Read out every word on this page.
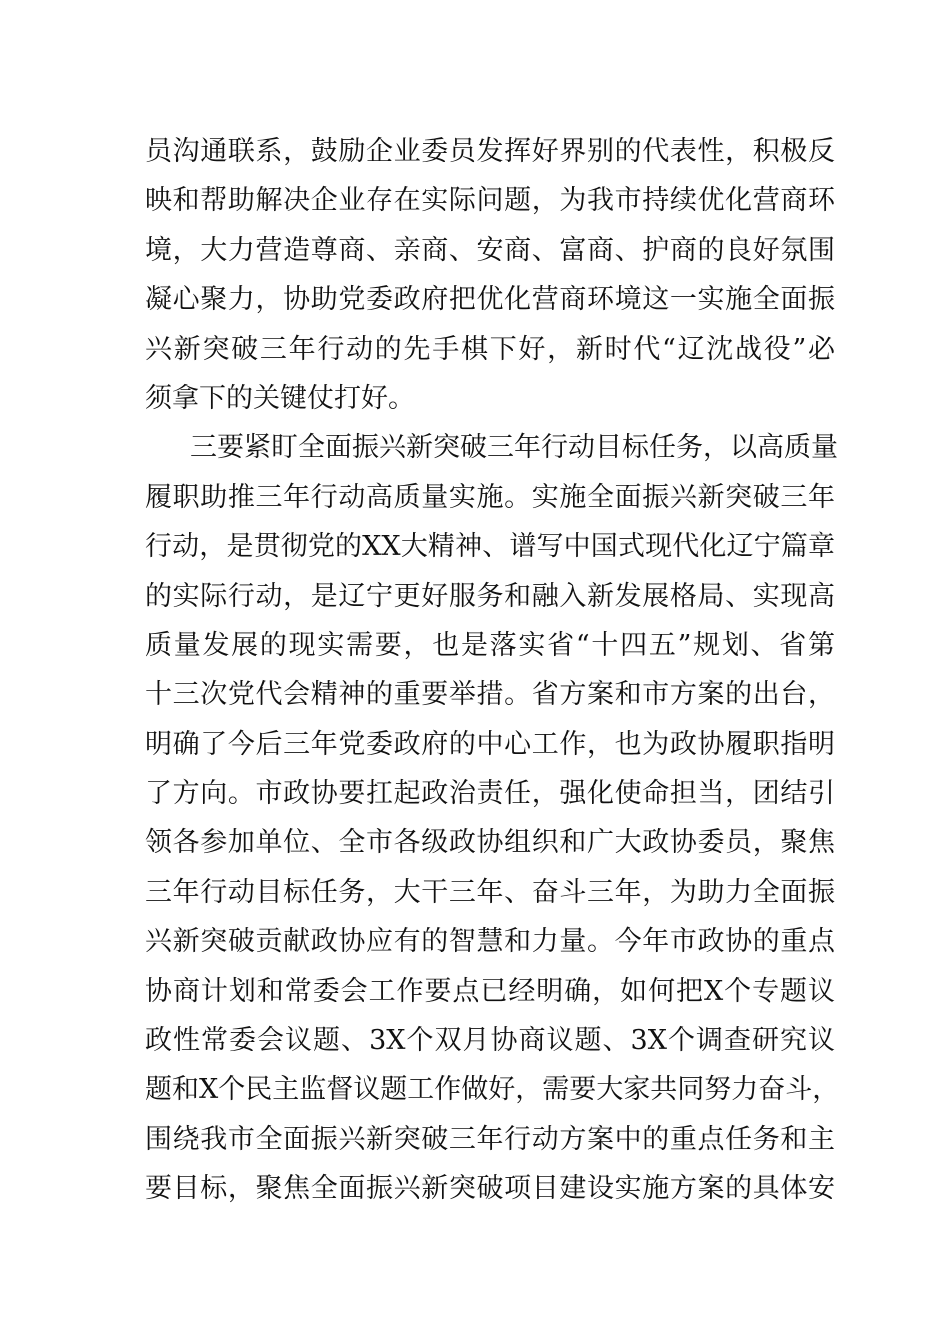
员沟通联系，鼓励企业委员发挥好界别的代表性，积极反
映和帮助解决企业存在实际问题，为我市持续优化营商环
境，大力营造尊商、亲商、安商、富商、护商的良好氛围
凝心聚力，协助党委政府把优化营商环境这一实施全面振
兴新突破三年行动的先手棋下好，新时代“辽沈战役”必
须拿下的关键仗打好。
三要紧盯全面振兴新突破三年行动目标任务，以高质量
履职助推三年行动高质量实施。实施全面振兴新突破三年
行动，是贯彻党的XX大精神、谱写中国式现代化辽宁篇章
的实际行动，是辽宁更好服务和融入新发展格局、实现高
质量发展的现实需要，也是落实省“十四五”规划、省第
十三次党代会精神的重要举措。省方案和市方案的出台，
明确了今后三年党委政府的中心工作，也为政协履职指明
了方向。市政协要扛起政治责任，强化使命担当，团结引
领各参加单位、全市各级政协组织和广大政协委员，聚焦
三年行动目标任务，大干三年、奋斗三年，为助力全面振
兴新突破贡献政协应有的智慧和力量。今年市政协的重点
协商计划和常委会工作要点已经明确，如何把X个专题议
政性常委会议题、3X个双月协商议题、3X个调查研究议
题和X个民主监督议题工作做好，需要大家共同努力奋斗，
围绕我市全面振兴新突破三年行动方案中的重点任务和主
要目标，聚焦全面振兴新突破项目建设实施方案的具体安
